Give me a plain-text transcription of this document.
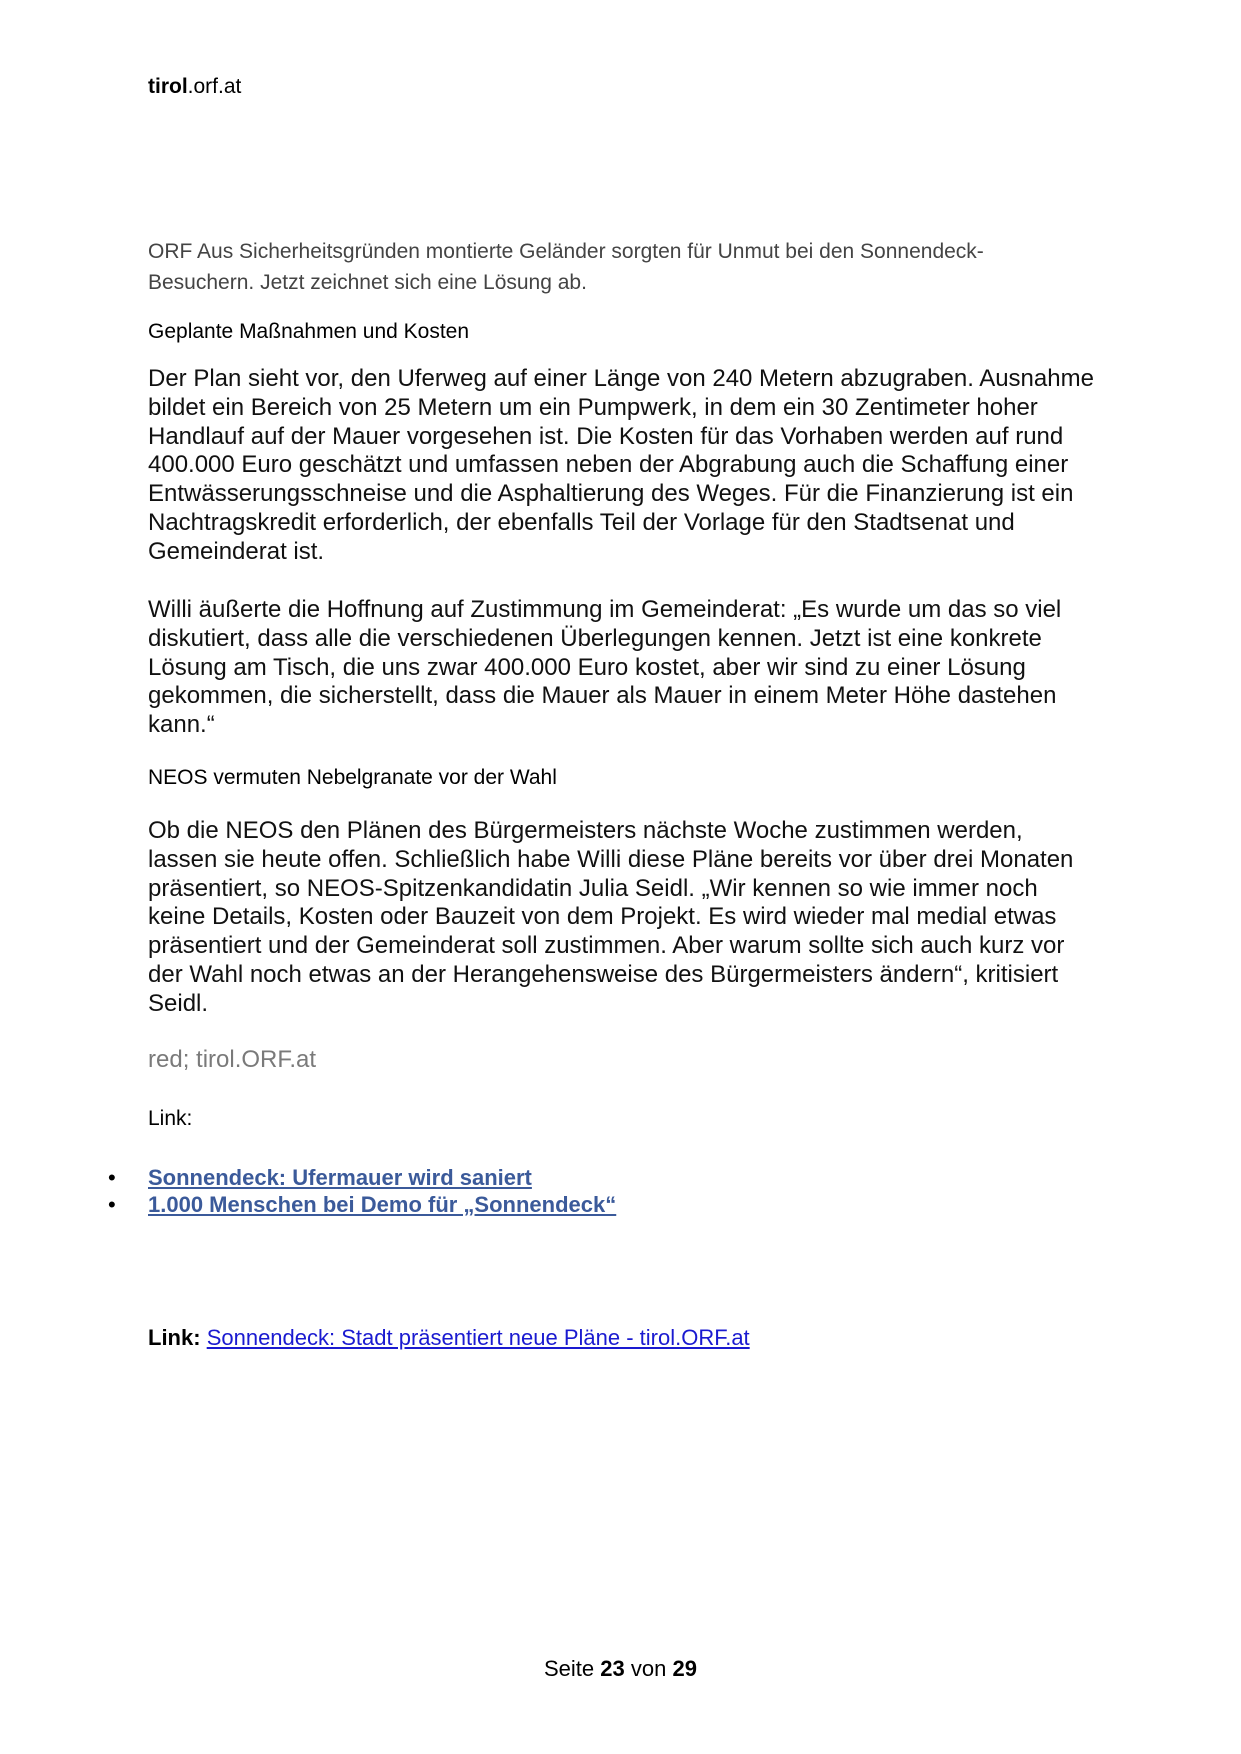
tirol.orf.at
ORF Aus Sicherheitsgründen montierte Geländer sorgten für Unmut bei den Sonnendeck-Besuchern. Jetzt zeichnet sich eine Lösung ab.
Geplante Maßnahmen und Kosten

Der Plan sieht vor, den Uferweg auf einer Länge von 240 Metern abzugraben. Ausnahme bildet ein Bereich von 25 Metern um ein Pumpwerk, in dem ein 30 Zentimeter hoher Handlauf auf der Mauer vorgesehen ist. Die Kosten für das Vorhaben werden auf rund 400.000 Euro geschätzt und umfassen neben der Abgrabung auch die Schaffung einer Entwässerungsschneise und die Asphaltierung des Weges. Für die Finanzierung ist ein Nachtragskredit erforderlich, der ebenfalls Teil der Vorlage für den Stadtsenat und Gemeinderat ist.

Willi äußerte die Hoffnung auf Zustimmung im Gemeinderat: „Es wurde um das so viel diskutiert, dass alle die verschiedenen Überlegungen kennen. Jetzt ist eine konkrete Lösung am Tisch, die uns zwar 400.000 Euro kostet, aber wir sind zu einer Lösung gekommen, die sicherstellt, dass die Mauer als Mauer in einem Meter Höhe dastehen kann.“

NEOS vermuten Nebelgranate vor der Wahl

Ob die NEOS den Plänen des Bürgermeisters nächste Woche zustimmen werden, lassen sie heute offen. Schließlich habe Willi diese Pläne bereits vor über drei Monaten präsentiert, so NEOS-Spitzenkandidatin Julia Seidl. „Wir kennen so wie immer noch keine Details, Kosten oder Bauzeit von dem Projekt. Es wird wieder mal medial etwas präsentiert und der Gemeinderat soll zustimmen. Aber warum sollte sich auch kurz vor der Wahl noch etwas an der Herangehensweise des Bürgermeisters ändern“, kritisiert Seidl.

red; tirol.ORF.at
Link:
• Sonnendeck: Ufermauer wird saniert
• 1.000 Menschen bei Demo für „Sonnendeck“
Link: Sonnendeck: Stadt präsentiert neue Pläne - tirol.ORF.at
Seite 23 von 29
